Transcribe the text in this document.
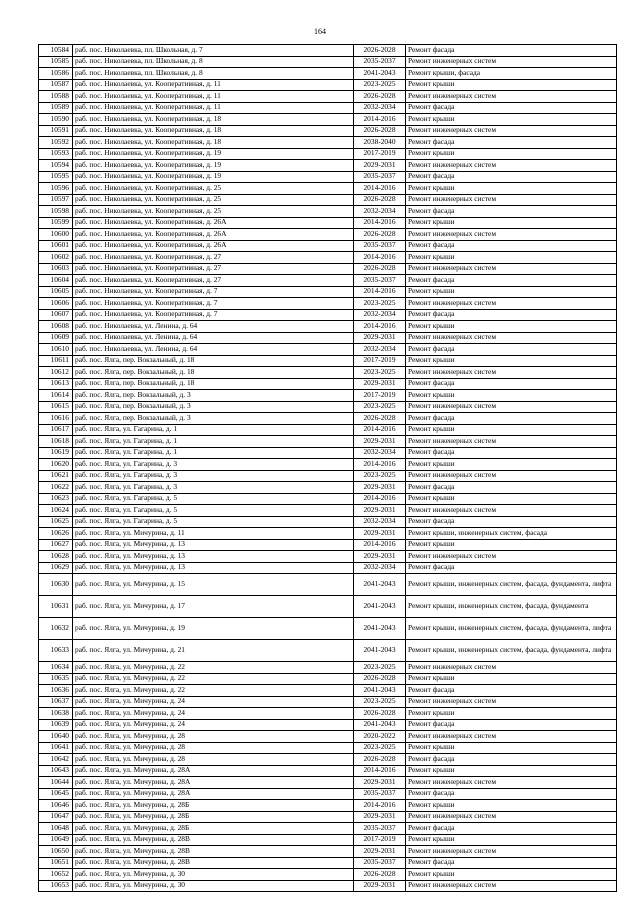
164
10584	раб. пос. Николаевка, пл. Школьная, д. 7	2026-2028	Ремонт фасада
10585	раб. пос. Николаевка, пл. Школьная, д. 8	2035-2037	Ремонт инженерных систем
10586	раб. пос. Николаевка, пл. Школьная, д. 8	2041-2043	Ремонт крыши, фасада
10587	раб. пос. Николаевка, ул. Кооперативная, д. 11	2023-2025	Ремонт крыши
10588	раб. пос. Николаевка, ул. Кооперативная, д. 11	2026-2028	Ремонт инженерных систем
10589	раб. пос. Николаевка, ул. Кооперативная, д. 11	2032-2034	Ремонт фасада
10590	раб. пос. Николаевка, ул. Кооперативная, д. 18	2014-2016	Ремонт крыши
10591	раб. пос. Николаевка, ул. Кооперативная, д. 18	2026-2028	Ремонт инженерных систем
10592	раб. пос. Николаевка, ул. Кооперативная, д. 18	2038-2040	Ремонт фасада
10593	раб. пос. Николаевка, ул. Кооперативная, д. 19	2017-2019	Ремонт крыши
10594	раб. пос. Николаевка, ул. Кооперативная, д. 19	2029-2031	Ремонт инженерных систем
10595	раб. пос. Николаевка, ул. Кооперативная, д. 19	2035-2037	Ремонт фасада
10596	раб. пос. Николаевка, ул. Кооперативная, д. 25	2014-2016	Ремонт крыши
10597	раб. пос. Николаевка, ул. Кооперативная, д. 25	2026-2028	Ремонт инженерных систем
10598	раб. пос. Николаевка, ул. Кооперативная, д. 25	2032-2034	Ремонт фасада
10599	раб. пос. Николаевка, ул. Кооперативная, д. 26А	2014-2016	Ремонт крыши
10600	раб. пос. Николаевка, ул. Кооперативная, д. 26А	2026-2028	Ремонт инженерных систем
10601	раб. пос. Николаевка, ул. Кооперативная, д. 26А	2035-2037	Ремонт фасада
10602	раб. пос. Николаевка, ул. Кооперативная, д. 27	2014-2016	Ремонт крыши
10603	раб. пос. Николаевка, ул. Кооперативная, д. 27	2026-2028	Ремонт инженерных систем
10604	раб. пос. Николаевка, ул. Кооперативная, д. 27	2035-2037	Ремонт фасада
10605	раб. пос. Николаевка, ул. Кооперативная, д. 7	2014-2016	Ремонт крыши
10606	раб. пос. Николаевка, ул. Кооперативная, д. 7	2023-2025	Ремонт инженерных систем
10607	раб. пос. Николаевка, ул. Кооперативная, д. 7	2032-2034	Ремонт фасада
10608	раб. пос. Николаевка, ул. Ленина, д. 64	2014-2016	Ремонт крыши
10609	раб. пос. Николаевка, ул. Ленина, д. 64	2029-2031	Ремонт инженерных систем
10610	раб. пос. Николаевка, ул. Ленина, д. 64	2032-2034	Ремонт фасада
10611	раб. пос. Ялга, пер. Вокзальный, д. 18	2017-2019	Ремонт крыши
10612	раб. пос. Ялга, пер. Вокзальный, д. 18	2023-2025	Ремонт инженерных систем
10613	раб. пос. Ялга, пер. Вокзальный, д. 18	2029-2031	Ремонт фасада
10614	раб. пос. Ялга, пер. Вокзальный, д. 3	2017-2019	Ремонт крыши
10615	раб. пос. Ялга, пер. Вокзальный, д. 3	2023-2025	Ремонт инженерных систем
10616	раб. пос. Ялга, пер. Вокзальный, д. 3	2026-2028	Ремонт фасада
10617	раб. пос. Ялга, ул. Гагарина, д. 1	2014-2016	Ремонт крыши
10618	раб. пос. Ялга, ул. Гагарина, д. 1	2029-2031	Ремонт инженерных систем
10619	раб. пос. Ялга, ул. Гагарина, д. 1	2032-2034	Ремонт фасада
10620	раб. пос. Ялга, ул. Гагарина, д. 3	2014-2016	Ремонт крыши
10621	раб. пос. Ялга, ул. Гагарина, д. 3	2023-2025	Ремонт инженерных систем
10622	раб. пос. Ялга, ул. Гагарина, д. 3	2029-2031	Ремонт фасада
10623	раб. пос. Ялга, ул. Гагарина, д. 5	2014-2016	Ремонт крыши
10624	раб. пос. Ялга, ул. Гагарина, д. 5	2029-2031	Ремонт инженерных систем
10625	раб. пос. Ялга, ул. Гагарина, д. 5	2032-2034	Ремонт фасада
10626	раб. пос. Ялга, ул. Мичурина, д. 11	2029-2031	Ремонт крыши, инженерных систем, фасада
10627	раб. пос. Ялга, ул. Мичурина, д. 13	2014-2016	Ремонт крыши
10628	раб. пос. Ялга, ул. Мичурина, д. 13	2029-2031	Ремонт инженерных систем
10629	раб. пос. Ялга, ул. Мичурина, д. 13	2032-2034	Ремонт фасада
10630	раб. пос. Ялга, ул. Мичурина, д. 15	2041-2043	Ремонт крыши, инженерных систем, фасада, фундамента, лифта
10631	раб. пос. Ялга, ул. Мичурина, д. 17	2041-2043	Ремонт крыши, инженерных систем, фасада, фундамента
10632	раб. пос. Ялга, ул. Мичурина, д. 19	2041-2043	Ремонт крыши, инженерных систем, фасада, фундамента, лифта
10633	раб. пос. Ялга, ул. Мичурина, д. 21	2041-2043	Ремонт крыши, инженерных систем, фасада, фундамента, лифта
10634	раб. пос. Ялга, ул. Мичурина, д. 22	2023-2025	Ремонт инженерных систем
10635	раб. пос. Ялга, ул. Мичурина, д. 22	2026-2028	Ремонт крыши
10636	раб. пос. Ялга, ул. Мичурина, д. 22	2041-2043	Ремонт фасада
10637	раб. пос. Ялга, ул. Мичурина, д. 24	2023-2025	Ремонт инженерных систем
10638	раб. пос. Ялга, ул. Мичурина, д. 24	2026-2028	Ремонт крыши
10639	раб. пос. Ялга, ул. Мичурина, д. 24	2041-2043	Ремонт фасада
10640	раб. пос. Ялга, ул. Мичурина, д. 28	2020-2022	Ремонт инженерных систем
10641	раб. пос. Ялга, ул. Мичурина, д. 28	2023-2025	Ремонт крыши
10642	раб. пос. Ялга, ул. Мичурина, д. 28	2026-2028	Ремонт фасада
10643	раб. пос. Ялга, ул. Мичурина, д. 28А	2014-2016	Ремонт крыши
10644	раб. пос. Ялга, ул. Мичурина, д. 28А	2029-2031	Ремонт инженерных систем
10645	раб. пос. Ялга, ул. Мичурина, д. 28А	2035-2037	Ремонт фасада
10646	раб. пос. Ялга, ул. Мичурина, д. 28Б	2014-2016	Ремонт крыши
10647	раб. пос. Ялга, ул. Мичурина, д. 28Б	2029-2031	Ремонт инженерных систем
10648	раб. пос. Ялга, ул. Мичурина, д. 28Б	2035-2037	Ремонт фасада
10649	раб. пос. Ялга, ул. Мичурина, д. 28В	2017-2019	Ремонт крыши
10650	раб. пос. Ялга, ул. Мичурина, д. 28В	2029-2031	Ремонт инженерных систем
10651	раб. пос. Ялга, ул. Мичурина, д. 28В	2035-2037	Ремонт фасада
10652	раб. пос. Ялга, ул. Мичурина, д. 30	2026-2028	Ремонт крыши
10653	раб. пос. Ялга, ул. Мичурина, д. 30	2029-2031	Ремонт инженерных систем
